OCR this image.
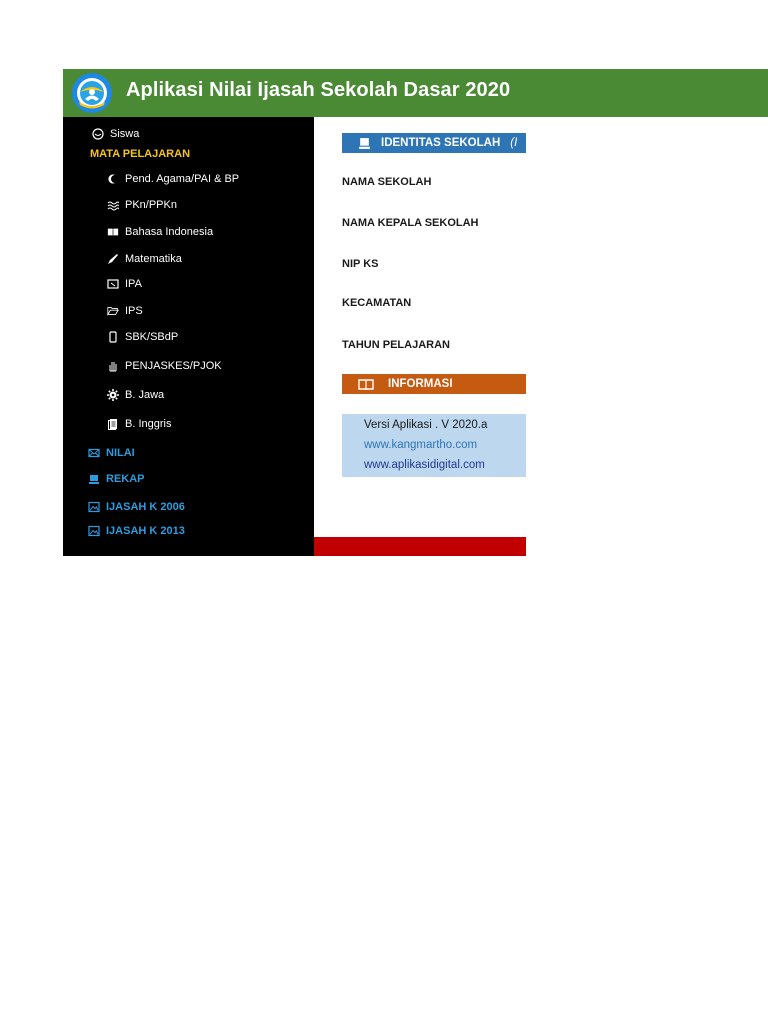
Aplikasi Nilai Ijasah Sekolah Dasar 2020
Siswa
MATA PELAJARAN
Pend. Agama/PAI & BP
PKn/PPKn
Bahasa Indonesia
Matematika
IPA
IPS
SBK/SBdP
PENJASKES/PJOK
B. Jawa
B. Inggris
NILAI
REKAP
IJASAH K 2006
IJASAH K 2013
IDENTITAS SEKOLAH (I
NAMA SEKOLAH
NAMA KEPALA SEKOLAH
NIP KS
KECAMATAN
TAHUN PELAJARAN
INFORMASI
Versi Aplikasi . V 2020.a
www.kangmartho.com
www.aplikasidigital.com
